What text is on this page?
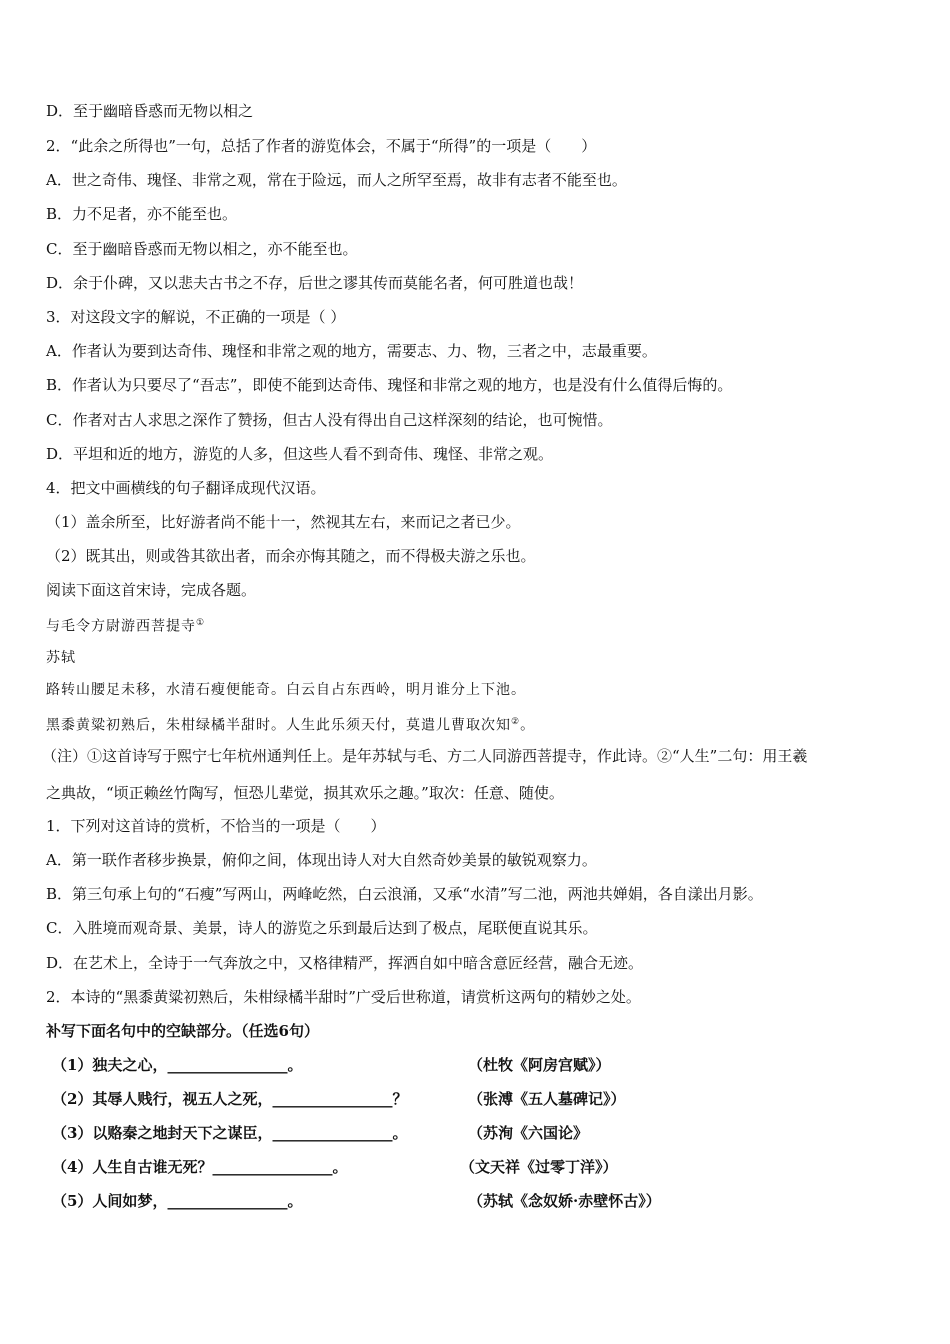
D．至于幽暗昏惑而无物以相之
2．“此余之所得也”一句，总括了作者的游览体会，不属于“所得”的一项是（　　）
A．世之奇伟、瑰怪、非常之观，常在于险远，而人之所罕至焉，故非有志者不能至也。
B．力不足者，亦不能至也。
C．至于幽暗昏惑而无物以相之，亦不能至也。
D．余于仆碑，又以悲夫古书之不存，后世之谬其传而莫能名者，何可胜道也哉！
3．对这段文字的解说，不正确的一项是（ ）
A．作者认为要到达奇伟、瑰怪和非常之观的地方，需要志、力、物，三者之中，志最重要。
B．作者认为只要尽了“吾志”，即使不能到达奇伟、瑰怪和非常之观的地方，也是没有什么值得后悔的。
C．作者对古人求思之深作了赞扬，但古人没有得出自己这样深刻的结论，也可惋惜。
D．平坦和近的地方，游览的人多，但这些人看不到奇伟、瑰怪、非常之观。
4．把文中画横线的句子翻译成现代汉语。
（1）盖余所至，比好游者尚不能十一，然视其左右，来而记之者已少。
（2）既其出，则或咎其欲出者，而余亦悔其随之，而不得极夫游之乐也。
阅读下面这首宋诗，完成各题。
与毛令方尉游西菩提寺①
苏轼
路转山腰足未移，水清石瘦便能奇。白云自占东西岭，明月谁分上下池。
黑黍黄粱初熟后，朱柑绿橘半甜时。人生此乐须天付，莫遣儿曹取次知②。
（注）①这首诗写于熙宁七年杭州通判任上。是年苏轼与毛、方二人同游西菩提寺，作此诗。②“人生”二句：用王羲
之典故，“顷正赖丝竹陶写，恒恐儿辈觉，损其欢乐之趣。”取次：任意、随使。
1．下列对这首诗的赏析，不恰当的一项是（　　）
A．第一联作者移步换景，俯仰之间，体现出诗人对大自然奇妙美景的敏锐观察力。
B．第三句承上句的“石瘦”写两山，两峰屹然，白云浪涌，又承“水清”写二池，两池共婵娟，各自漾出月影。
C．入胜境而观奇景、美景，诗人的游览之乐到最后达到了极点，尾联便直说其乐。
D．在艺术上，全诗于一气奔放之中，又格律精严，挥洒自如中暗含意匠经营，融合无迹。
2．本诗的“黑黍黄粱初熟后，朱柑绿橘半甜时”广受后世称道，请赏析这两句的精妙之处。
补写下面名句中的空缺部分。（任选6句）
（1）独夫之心，________________。	（杜牧《阿房宫赋》）
（2）其辱人贱行，视五人之死，________________？	（张溥《五人墓碑记》）
（3）以赂秦之地封天下之谋臣，________________。	（苏洵《六国论》
（4）人生自古谁无死？________________。	（文天祥《过零丁洋》）
（5）人间如梦，________________。	（苏轼《念奴娇·赤壁怀古》）
